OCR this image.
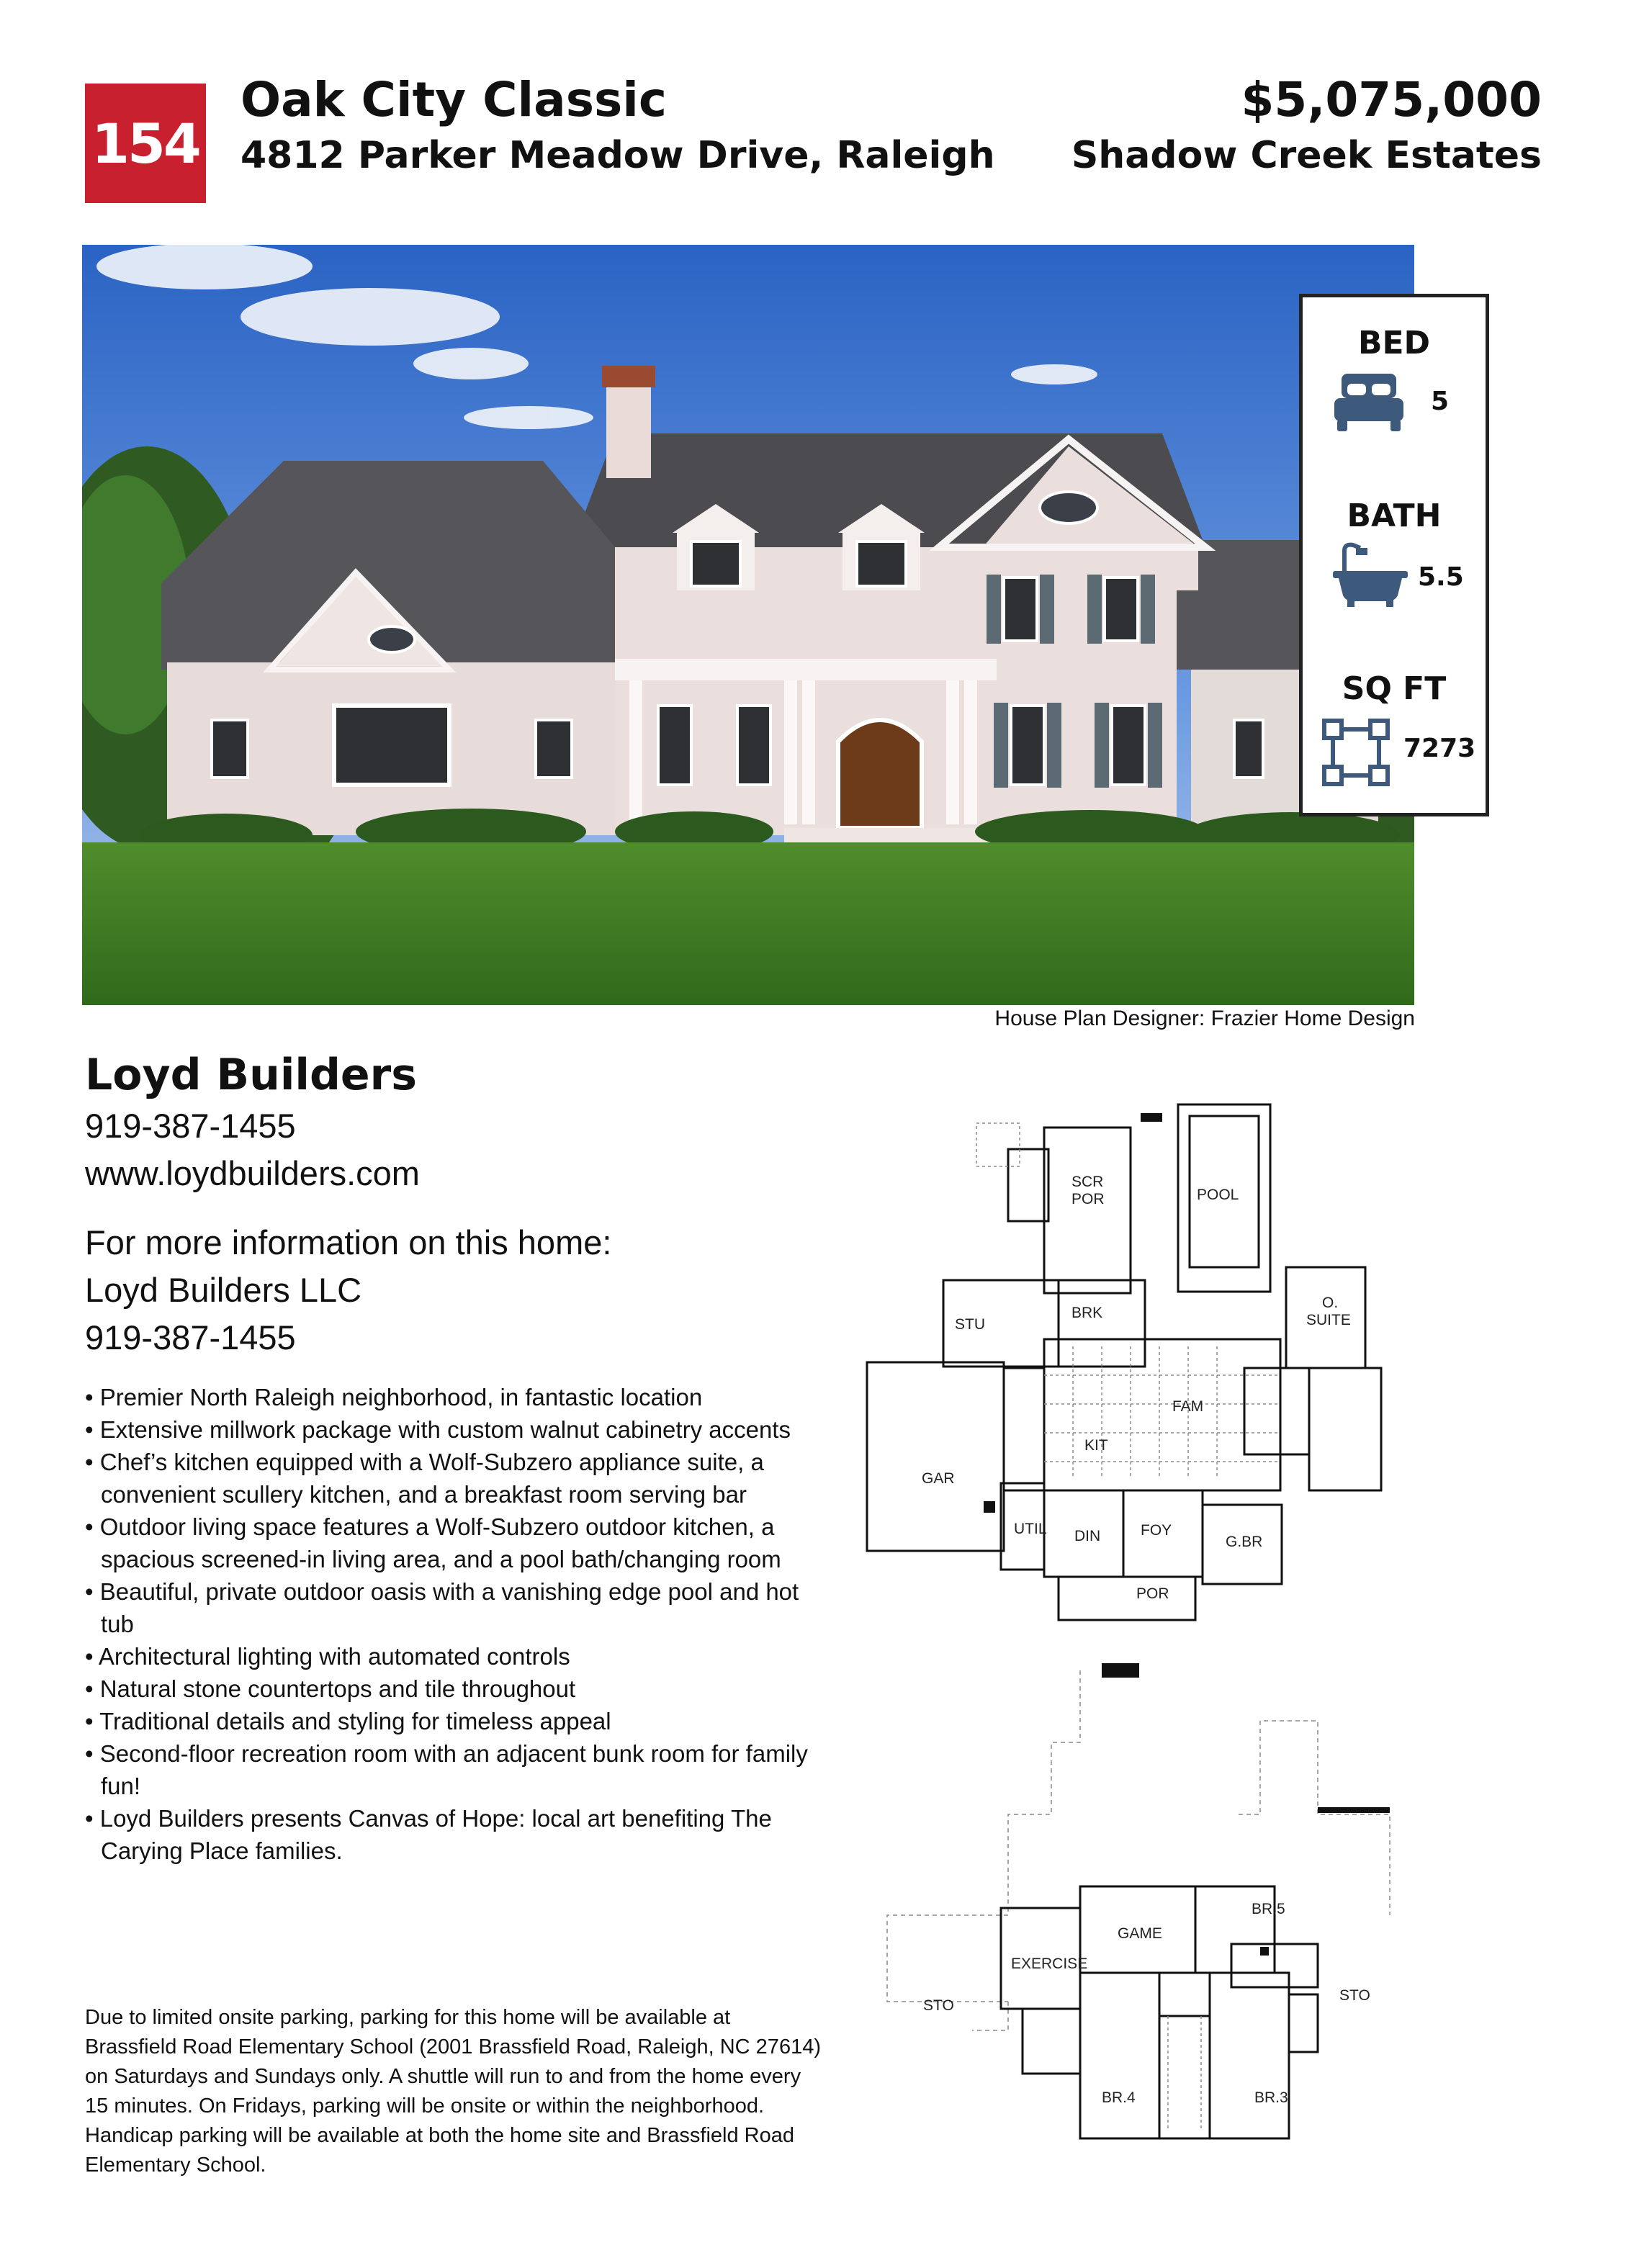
154
Oak City Classic
4812 Parker Meadow Drive, Raleigh
$5,075,000
Shadow Creek Estates
BED
5
BATH
5.5
SQ FT
7273
House Plan Designer: Frazier Home Design
Loyd Builders
919-387-1455
www.loydbuilders.com
For more information on this home:
Loyd Builders LLC
919-387-1455
• Premier North Raleigh neighborhood, in fantastic location
• Extensive millwork package with custom walnut cabinetry accents
• Chef’s kitchen equipped with a Wolf-Subzero appliance suite, a convenient scullery kitchen, and a breakfast room serving bar
• Outdoor living space features a Wolf-Subzero outdoor kitchen, a spacious screened-in living area, and a pool bath/changing room
• Beautiful, private outdoor oasis with a vanishing edge pool and hot tub
• Architectural lighting with automated controls
• Natural stone countertops and tile throughout
• Traditional details and styling for timeless appeal
• Second-floor recreation room with an adjacent bunk room for family fun!
• Loyd Builders presents Canvas of Hope: local art benefiting The Carying Place families.
Due to limited onsite parking, parking for this home will be available at Brassfield Road Elementary School (2001 Brassfield Road, Raleigh, NC 27614) on Saturdays and Sundays only. A shuttle will run to and from the home every 15 minutes. On Fridays, parking will be onsite or within the neighborhood. Handicap parking will be available at both the home site and Brassfield Road Elementary School.
SCR
POR	POOL
STU
BRK
O.
SUITE
FAM
KIT
GAR
UTIL DIN	FOY
G.BR
POR
BR.5
GAME
EXERCISE
STO
STO
BR.4	BR.3
